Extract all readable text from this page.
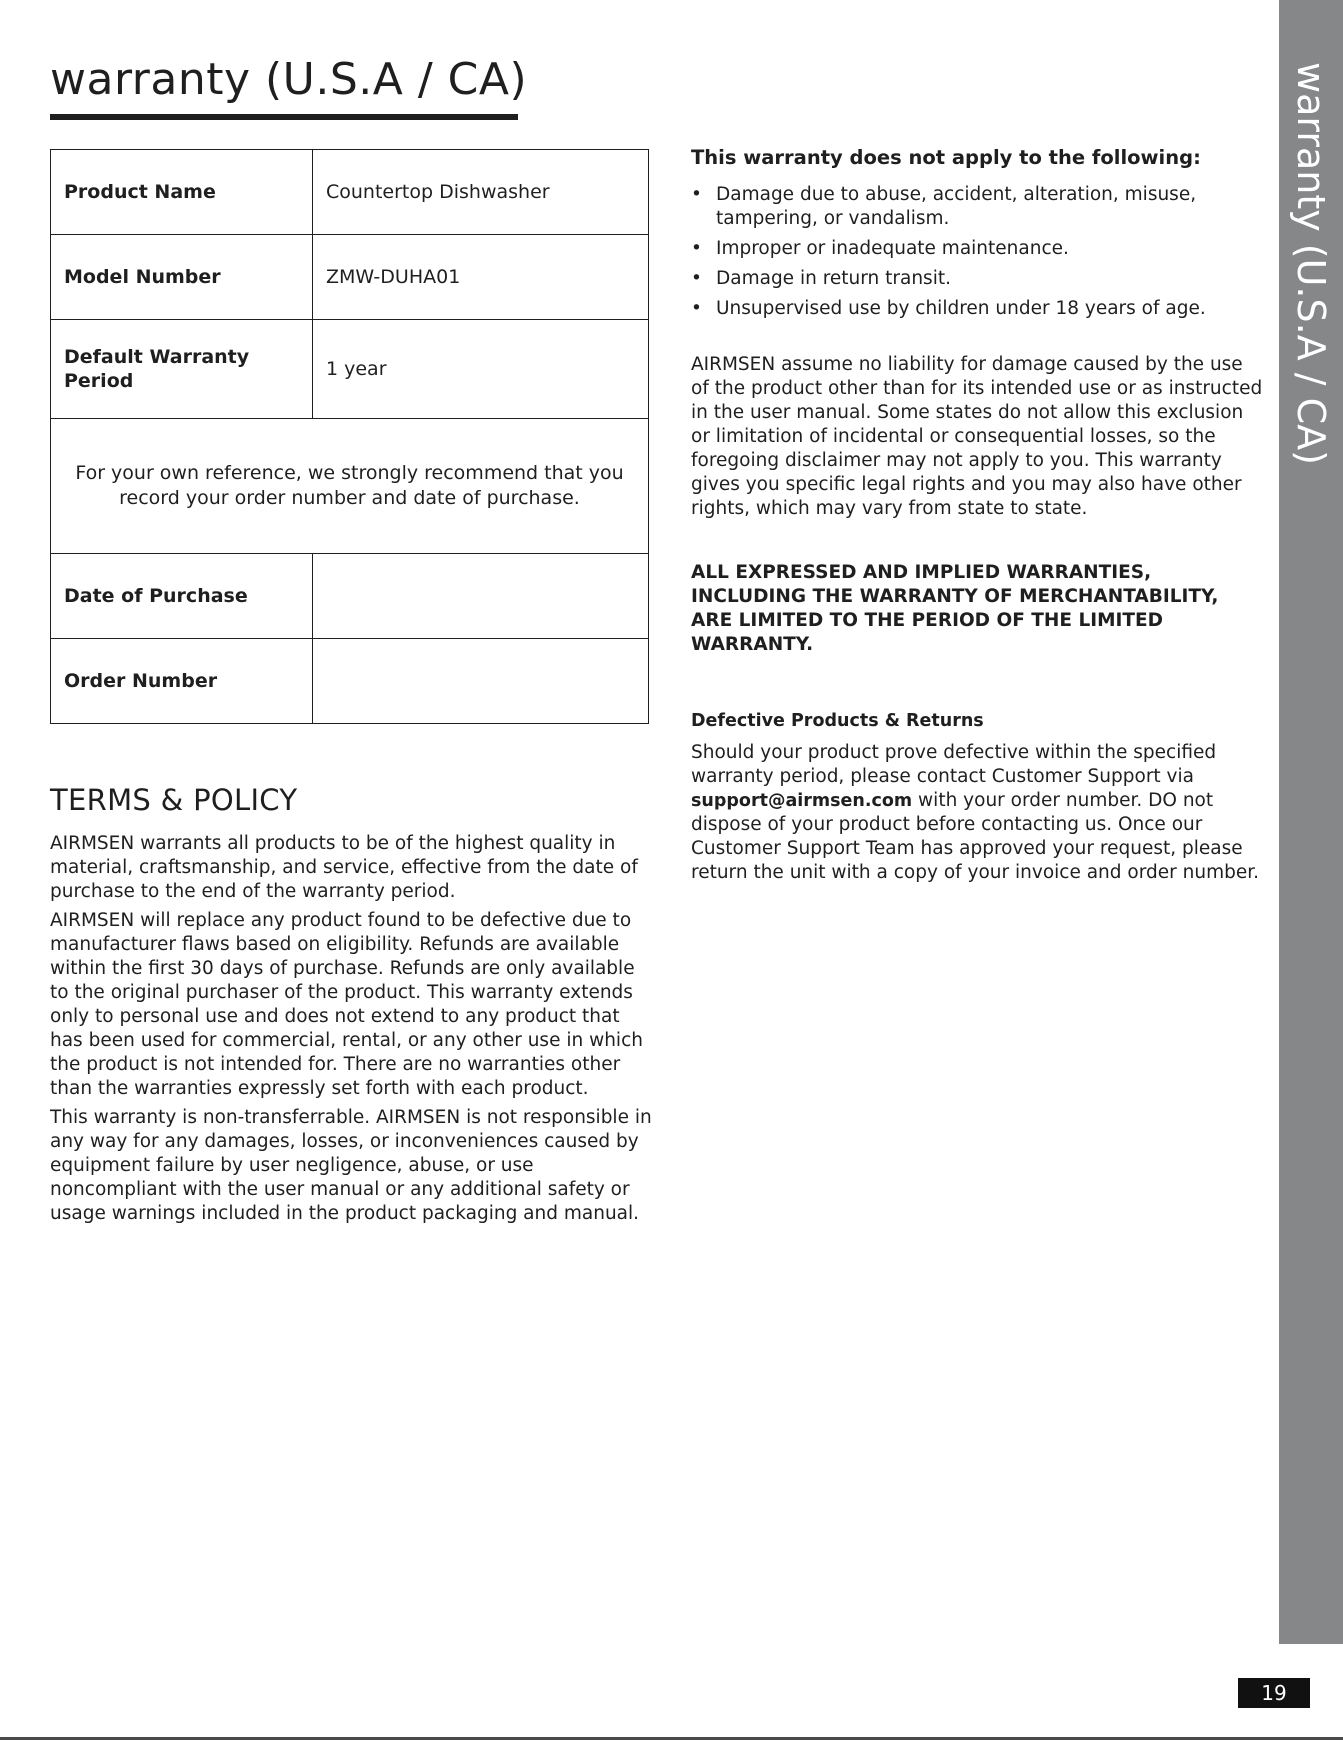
warranty (U.S.A / CA)	warranty (U.S.A / CA)
Product Name	Countertop Dishwasher
Model Number	ZMW-DUHA01
Default Warranty Period	1 year
For your own reference, we strongly recommend that you record your order number and date of purchase.	
Date of Purchase	
Order Number	
TERMS & POLICY

AIRMSEN warrants all products to be of the highest quality in material, craftsmanship, and service, effective from the date of purchase to the end of the warranty period.

AIRMSEN will replace any product found to be defective due to manufacturer flaws based on eligibility. Refunds are available within the first 30 days of purchase. Refunds are only available to the original purchaser of the product. This warranty extends only to personal use and does not extend to any product that has been used for commercial, rental, or any other use in which the product is not intended for. There are no warranties other than the warranties expressly set forth with each product.

This warranty is non-transferrable. AIRMSEN is not responsible in any way for any damages, losses, or inconveniences caused by equipment failure by user negligence, abuse, or use noncompliant with the user manual or any additional safety or usage warnings included in the product packaging and manual.

This warranty does not apply to the following:
• Damage due to abuse, accident, alteration, misuse, tampering, or vandalism.
• Improper or inadequate maintenance.
• Damage in return transit.
• Unsupervised use by children under 18 years of age.

AIRMSEN assume no liability for damage caused by the use of the product other than for its intended use or as instructed in the user manual. Some states do not allow this exclusion or limitation of incidental or consequential losses, so the foregoing disclaimer may not apply to you. This warranty gives you specific legal rights and you may also have other rights, which may vary from state to state.

ALL EXPRESSED AND IMPLIED WARRANTIES, INCLUDING THE WARRANTY OF MERCHANTABILITY, ARE LIMITED TO THE PERIOD OF THE LIMITED WARRANTY.

Defective Products & Returns

Should your product prove defective within the specified warranty period, please contact Customer Support via support@airmsen.com with your order number. DO not dispose of your product before contacting us. Once our Customer Support Team has approved your request, please return the unit with a copy of your invoice and order number.

19
